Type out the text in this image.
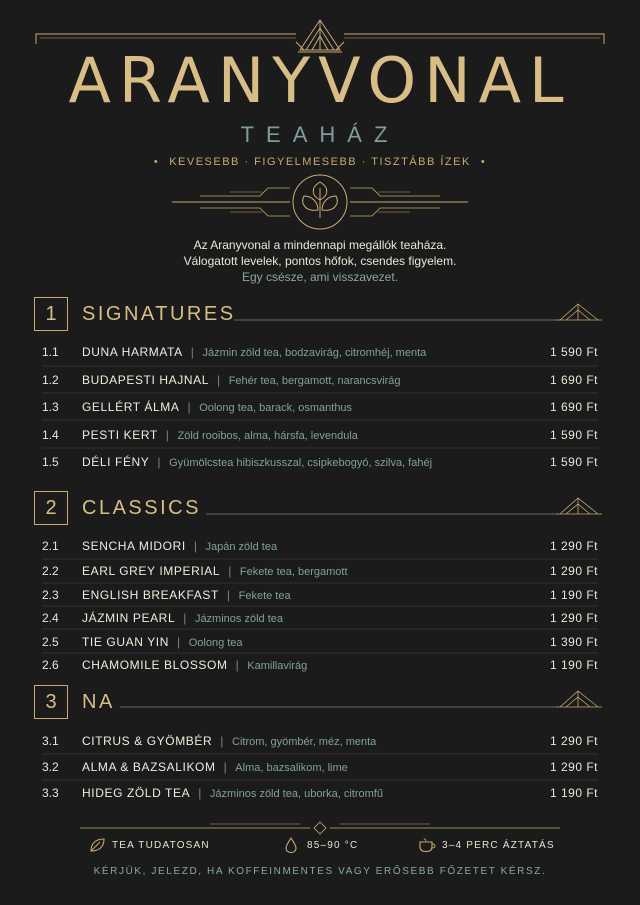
ARANYVONAL
TEAHÁZ
• KEVESEBB · FIGYELMESEBB · TISZTÁBB ÍZEK •
Az Aranyvonal a mindennapi megállók teaháza.
Válogatott levelek, pontos hőfok, csendes figyelem.
Egy csésze, ami visszavezet.
1	SIGNATURES
1.1 DUNA HARMATA | Jázmin zöld tea, bodzavirág, citromhéj, menta	1 590 Ft
1.2 BUDAPESTI HAJNAL | Fehér tea, bergamott, narancsvirág	1 690 Ft
1.3 GELLÉRT ÁLMA | Oolong tea, barack, osmanthus	1 690 Ft
1.4 PESTI KERT | Zöld rooibos, alma, hársfa, levendula	1 590 Ft
1.5 DÉLI FÉNY | Gyümölcstea hibiszkusszal, csipkebogyó, szilva, fahéj	1 590 Ft
2	CLASSICS
2.1 SENCHA MIDORI | Japán zöld tea	1 290 Ft
2.2 EARL GREY IMPERIAL | Fekete tea, bergamott	1 290 Ft
2.3 ENGLISH BREAKFAST | Fekete tea	1 190 Ft
2.4 JÁZMIN PEARL | Jázminos zöld tea	1 290 Ft
2.5 TIE GUAN YIN | Oolong tea	1 390 Ft
2.6 CHAMOMILE BLOSSOM | Kamillavirág	1 190 Ft
3	NA
3.1 CITRUS & GYÖMBÉR | Citrom, gyömbér, méz, menta	1 290 Ft
3.2 ALMA & BAZSALIKOM | Alma, bazsalikom, lime	1 290 Ft
3.3 HIDEG ZÖLD TEA | Jázminos zöld tea, uborka, citromfű	1 190 Ft
TEA TUDATOSAN	85–90 °C	3–4 PERC ÁZTATÁS
KÉRJÜK, JELEZD, HA KOFFEINMENTES VAGY ERŐSEBB FŐZETET KÉRSZ.
